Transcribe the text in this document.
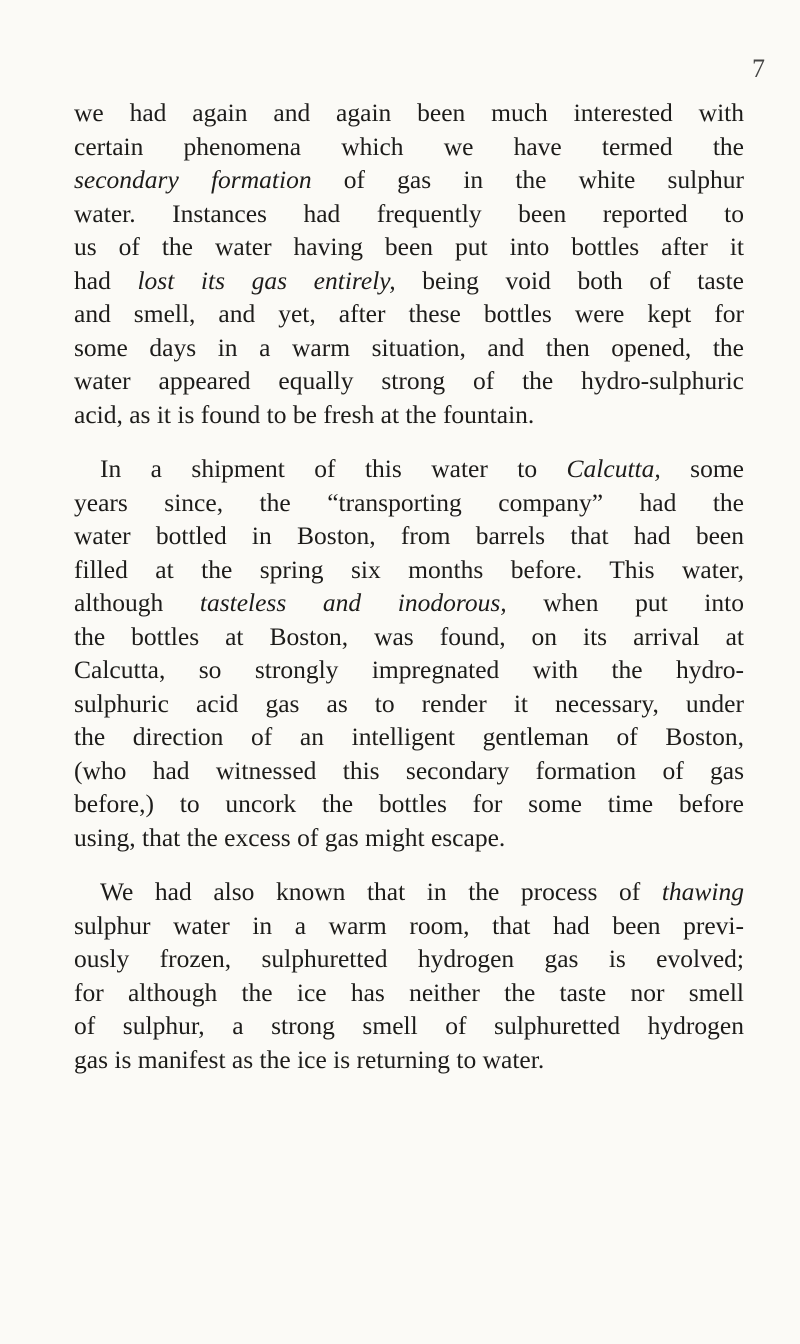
7

we had again and again been much interested with
certain phenomena which we have termed the
secondary formation of gas in the white sulphur
water. Instances had frequently been reported to
us of the water having been put into bottles after it
had lost its gas entirely, being void both of taste
and smell, and yet, after these bottles were kept for
some days in a warm situation, and then opened, the
water appeared equally strong of the hydro-sulphuric
acid, as it is found to be fresh at the fountain.

In a shipment of this water to Calcutta, some
years since, the “transporting company” had the
water bottled in Boston, from barrels that had been
filled at the spring six months before. This water,
although tasteless and inodorous, when put into
the bottles at Boston, was found, on its arrival at
Calcutta, so strongly impregnated with the hydro-
sulphuric acid gas as to render it necessary, under
the direction of an intelligent gentleman of Boston,
(who had witnessed this secondary formation of gas
before,) to uncork the bottles for some time before
using, that the excess of gas might escape.

We had also known that in the process of thawing
sulphur water in a warm room, that had been previ-
ously frozen, sulphuretted hydrogen gas is evolved;
for although the ice has neither the taste nor smell
of sulphur, a strong smell of sulphuretted hydrogen
gas is manifest as the ice is returning to water.
